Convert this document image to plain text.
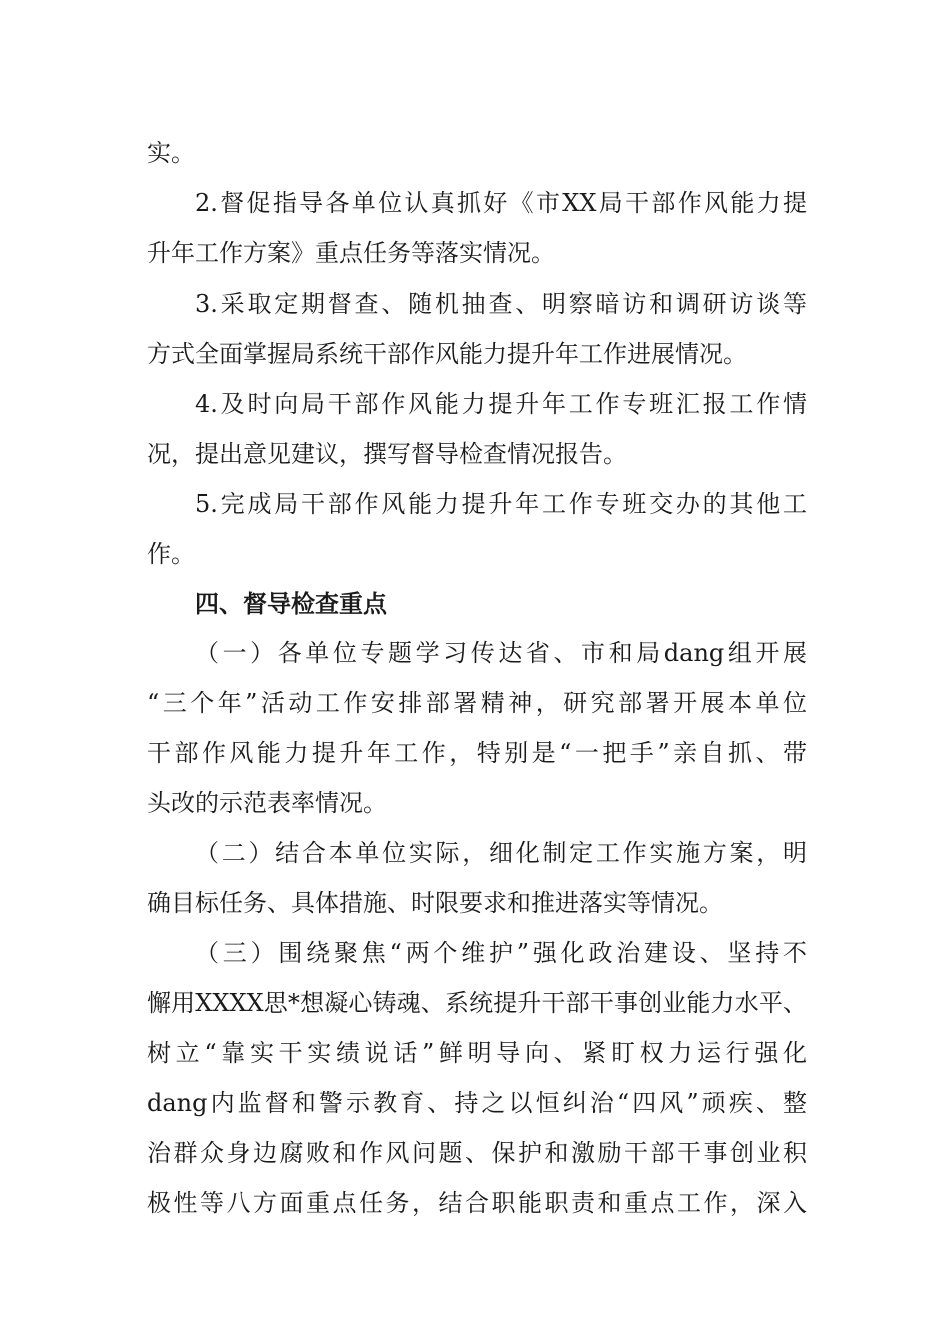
实。
2.督促指导各单位认真抓好《市XX局干部作风能力提
升年工作方案》重点任务等落实情况。
3.采取定期督查、随机抽查、明察暗访和调研访谈等
方式全面掌握局系统干部作风能力提升年工作进展情况。
4.及时向局干部作风能力提升年工作专班汇报工作情
况，提出意见建议，撰写督导检查情况报告。
5.完成局干部作风能力提升年工作专班交办的其他工
作。
四、督导检查重点
（一）各单位专题学习传达省、市和局dang组开展
“三个年”活动工作安排部署精神，研究部署开展本单位
干部作风能力提升年工作，特别是“一把手”亲自抓、带
头改的示范表率情况。
（二）结合本单位实际，细化制定工作实施方案，明
确目标任务、具体措施、时限要求和推进落实等情况。
（三）围绕聚焦“两个维护”强化政治建设、坚持不
懈用XXXX思*想凝心铸魂、系统提升干部干事创业能力水平、
树立“靠实干实绩说话”鲜明导向、紧盯权力运行强化
dang内监督和警示教育、持之以恒纠治“四风”顽疾、整
治群众身边腐败和作风问题、保护和激励干部干事创业积
极性等八方面重点任务，结合职能职责和重点工作，深入
